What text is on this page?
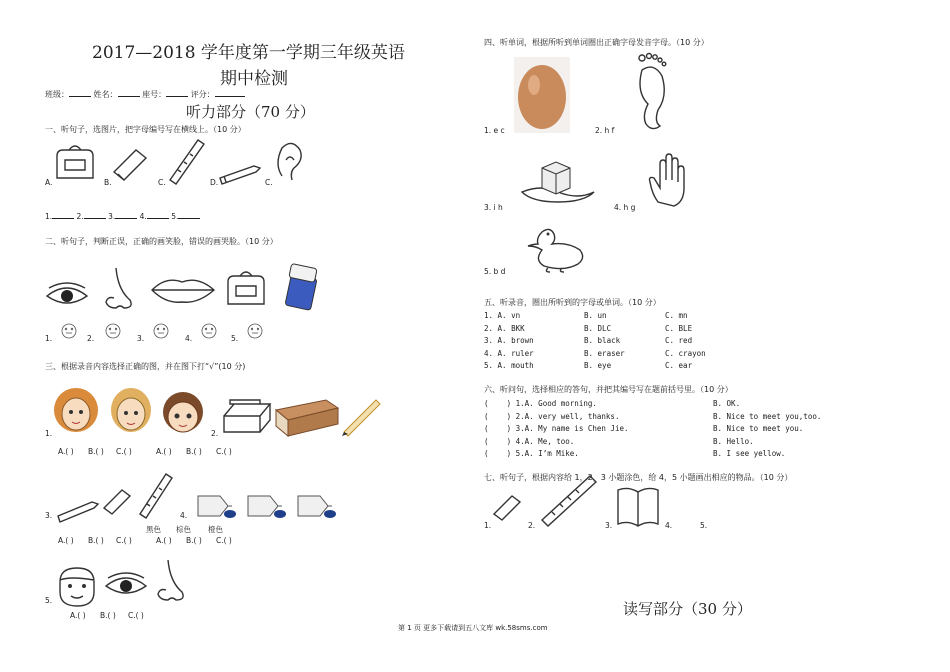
2017—2018 学年度第一学期三年级英语
期中检测
班级：	姓名：	座号：	评分：
听力部分（70 分）
一、听句子，选图片，把字母编号写在横线上。（10 分）
A.	B.	C.	D.	C.
1.	2.	3.	4.	5.
二、听句子，判断正误，正确的画笑脸，错误的画哭脸。（10 分）
1.	2.	3.	4.	5.
三、根据录音内容选择正确的图，并在图下打“√”(10 分)
1.	2.
A.( ) B.( ) C.( )	A.( ) B.( ) C.( )
3.	4.
黑色 棕色 橙色
A.( ) B.( ) C.( )	A.( ) B.( ) C.( )
5.
A.( ) B.( ) C.( )
四、听单词，根据所听到单词圈出正确字母发音字母。（10 分）
1. e c	2. h f
3. i h	4. h g
5. b d
五、听录音，圈出所听到的字母或单词。（10 分）
1. A. vn	B. un	C. mn
2. A. BKK	B. DLC	C. BLE
3. A. brown	B. black	C. red
4. A. ruler	B. eraser	C. crayon
5. A. mouth	B. eye	C. ear
六、听问句，选择相应的答句，并把其编号写在题前括号里。（10 分）
(    ) 1.A. Good morning.	B. OK.
(    ) 2.A. very well, thanks.	B. Nice to meet you,too.
(    ) 3.A. My name is Chen Jie.	B. Nice to meet you.
(    ) 4.A. Me, too.	B. Hello.
(    ) 5.A. I’m Mike.	B. I see yellow.
七、听句子，根据内容给 1，2，3 小题涂色，给 4，5 小题画出相应的物品。（10 分）
1.	2.	3.	4.	5.
读写部分（30 分）
第 1 页 更多下载请到五八文库 wk.58sms.com
